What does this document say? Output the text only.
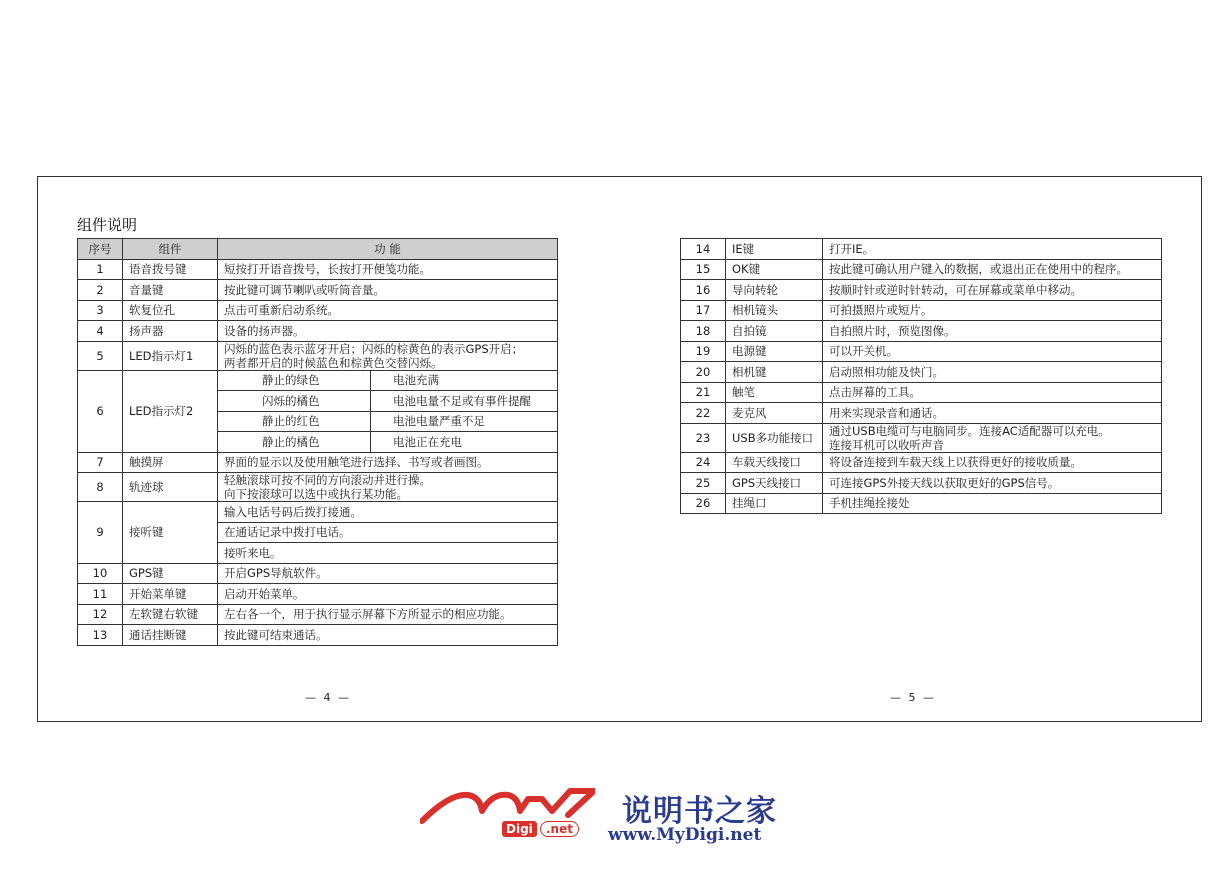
组件说明
序号	组件	功 能	
1	语音拨号键	短按打开语音拨号，长按打开便笺功能。	
2	音量键	按此键可调节喇叭或听筒音量。	
3	软复位孔	点击可重新启动系统。	
4	扬声器	设备的扬声器。	
5	LED指示灯1	闪烁的蓝色表示蓝牙开启；闪烁的棕黄色的表示GPS开启；
两者都开启的时候蓝色和棕黄色交替闪烁。	

6	LED指示灯2	静止的绿色	电池充满
		闪烁的橘色	电池电量不足或有事件提醒
		静止的红色	电池电量严重不足
		静止的橘色	电池正在充电
7	触摸屏	界面的显示以及使用触笔进行选择、书写或者画图。	
8	轨迹球	轻触滚球可按不同的方向滚动并进行操。
向下按滚球可以选中或执行某功能。	

9	接听键	输入电话号码后拨打接通。	
		在通话记录中拨打电话。	
		接听来电。	
10	GPS键	开启GPS导航软件。	
11	开始菜单键	启动开始菜单。	
12	左软键右软键	左右各一个，用于执行显示屏幕下方所显示的相应功能。	
13	通话挂断键	按此键可结束通话。	
14	IE键	打开IE。
15	OK键	按此键可确认用户键入的数据，或退出正在使用中的程序。
16	导向转轮	按顺时针或逆时针转动，可在屏幕或菜单中移动。
17	相机镜头	可拍摄照片或短片。
18	自拍镜	自拍照片时，预览图像。
19	电源键	可以开关机。
20	相机键	启动照相功能及快门。
21	触笔	点击屏幕的工具。
22	麦克风	用来实现录音和通话。
23	USB多功能接口	通过USB电缆可与电脑同步。连接AC适配器可以充电。
连接耳机可以收听声音

24	车载天线接口	将设备连接到车载天线上以获得更好的接收质量。
25	GPS天线接口	可连接GPS外接天线以获取更好的GPS信号。
26	挂绳口	手机挂绳拴接处
— 4 —	— 5 —
™
Digi	.net 说明书之家
www.MyDigi.net
